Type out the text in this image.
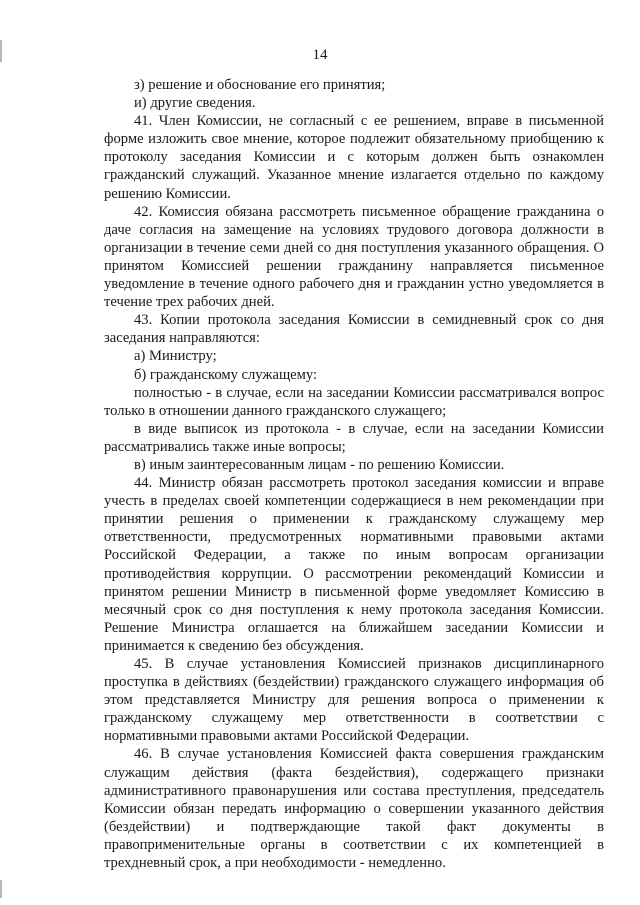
14

з) решение и обоснование его принятия;

и) другие сведения.

41. Член Комиссии, не согласный с ее решением, вправе в письменной форме изложить свое мнение, которое подлежит обязательному приобщению к протоколу заседания Комиссии и с которым должен быть ознакомлен гражданский служащий. Указанное мнение излагается отдельно по каждому решению Комиссии.

42. Комиссия обязана рассмотреть письменное обращение гражданина о даче согласия на замещение на условиях трудового договора должности в организации в течение семи дней со дня поступления указанного обращения. О принятом Комиссией решении гражданину направляется письменное уведомление в течение одного рабочего дня и гражданин устно уведомляется в течение трех рабочих дней.

43. Копии протокола заседания Комиссии в семидневный срок со дня заседания направляются:

а) Министру;

б) гражданскому служащему:

полностью - в случае, если на заседании Комиссии рассматривался вопрос только в отношении данного гражданского служащего;

в виде выписок из протокола - в случае, если на заседании Комиссии рассматривались также иные вопросы;

в) иным заинтересованным лицам - по решению Комиссии.

44. Министр обязан рассмотреть протокол заседания комиссии и вправе учесть в пределах своей компетенции содержащиеся в нем рекомендации при принятии решения о применении к гражданскому служащему мер ответственности, предусмотренных нормативными правовыми актами Российской Федерации, а также по иным вопросам организации противодействия коррупции. О рассмотрении рекомендаций Комиссии и принятом решении Министр в письменной форме уведомляет Комиссию в месячный срок со дня поступления к нему протокола заседания Комиссии. Решение Министра оглашается на ближайшем заседании Комиссии и принимается к сведению без обсуждения.

45. В случае установления Комиссией признаков дисциплинарного проступка в действиях (бездействии) гражданского служащего информация об этом представляется Министру для решения вопроса о применении к гражданскому служащему мер ответственности в соответствии с нормативными правовыми актами Российской Федерации.

46. В случае установления Комиссией факта совершения гражданским служащим действия (факта бездействия), содержащего признаки административного правонарушения или состава преступления, председатель Комиссии обязан передать информацию о совершении указанного действия (бездействии) и подтверждающие такой факт документы в правоприменительные органы в соответствии с их компетенцией в трехдневный срок, а при необходимости - немедленно.
